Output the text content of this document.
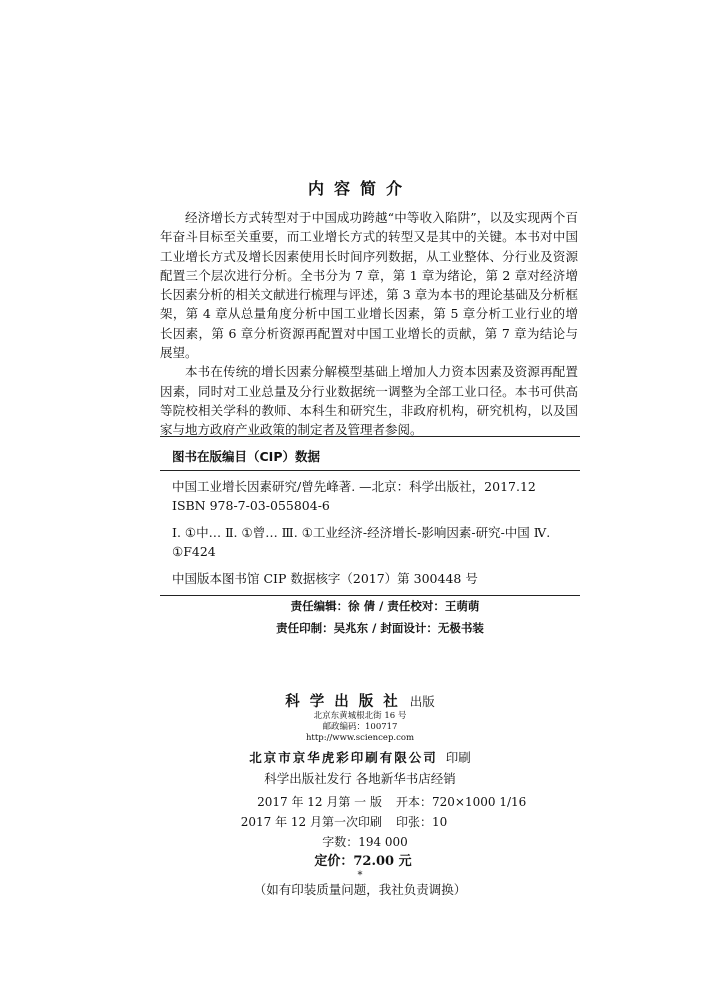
内容简介

经济增长方式转型对于中国成功跨越“中等收入陷阱”，以及实现两个百年奋斗目标至关重要，而工业增长方式的转型又是其中的关键。本书对中国工业增长方式及增长因素使用长时间序列数据，从工业整体、分行业及资源配置三个层次进行分析。全书分为 7 章，第 1 章为绪论，第 2 章对经济增长因素分析的相关文献进行梳理与评述，第 3 章为本书的理论基础及分析框架，第 4 章从总量角度分析中国工业增长因素，第 5 章分析工业行业的增长因素，第 6 章分析资源再配置对中国工业增长的贡献，第 7 章为结论与展望。

本书在传统的增长因素分解模型基础上增加人力资本因素及资源再配置因素，同时对工业总量及分行业数据统一调整为全部工业口径。本书可供高等院校相关学科的教师、本科生和研究生，非政府机构，研究机构，以及国家与地方政府产业政策的制定者及管理者参阅。

图书在版编目（CIP）数据
中国工业增长因素研究/曾先峰著. —北京：科学出版社，2017.12
ISBN 978-7-03-055804-6
Ⅰ. ①中… Ⅱ. ①曾… Ⅲ. ①工业经济-经济增长-影响因素-研究-中国 Ⅳ. ①F424
中国版本图书馆 CIP 数据核字（2017）第 300448 号
责任编辑：徐 倩 / 责任校对：王萌萌
责任印制：吴兆东 / 封面设计：无极书装
科学出版社 出版
北京东黄城根北街 16 号
邮政编码：100717
http://www.sciencep.com
北京市京华虎彩印刷有限公司 印刷
科学出版社发行 各地新华书店经销
2017 年 12 月第 一 版	开本：720×1000 1/16
2017 年 12 月第一次印刷	印张：10
字数：194 000
定价：72.00 元
*
（如有印装质量问题，我社负责调换）
